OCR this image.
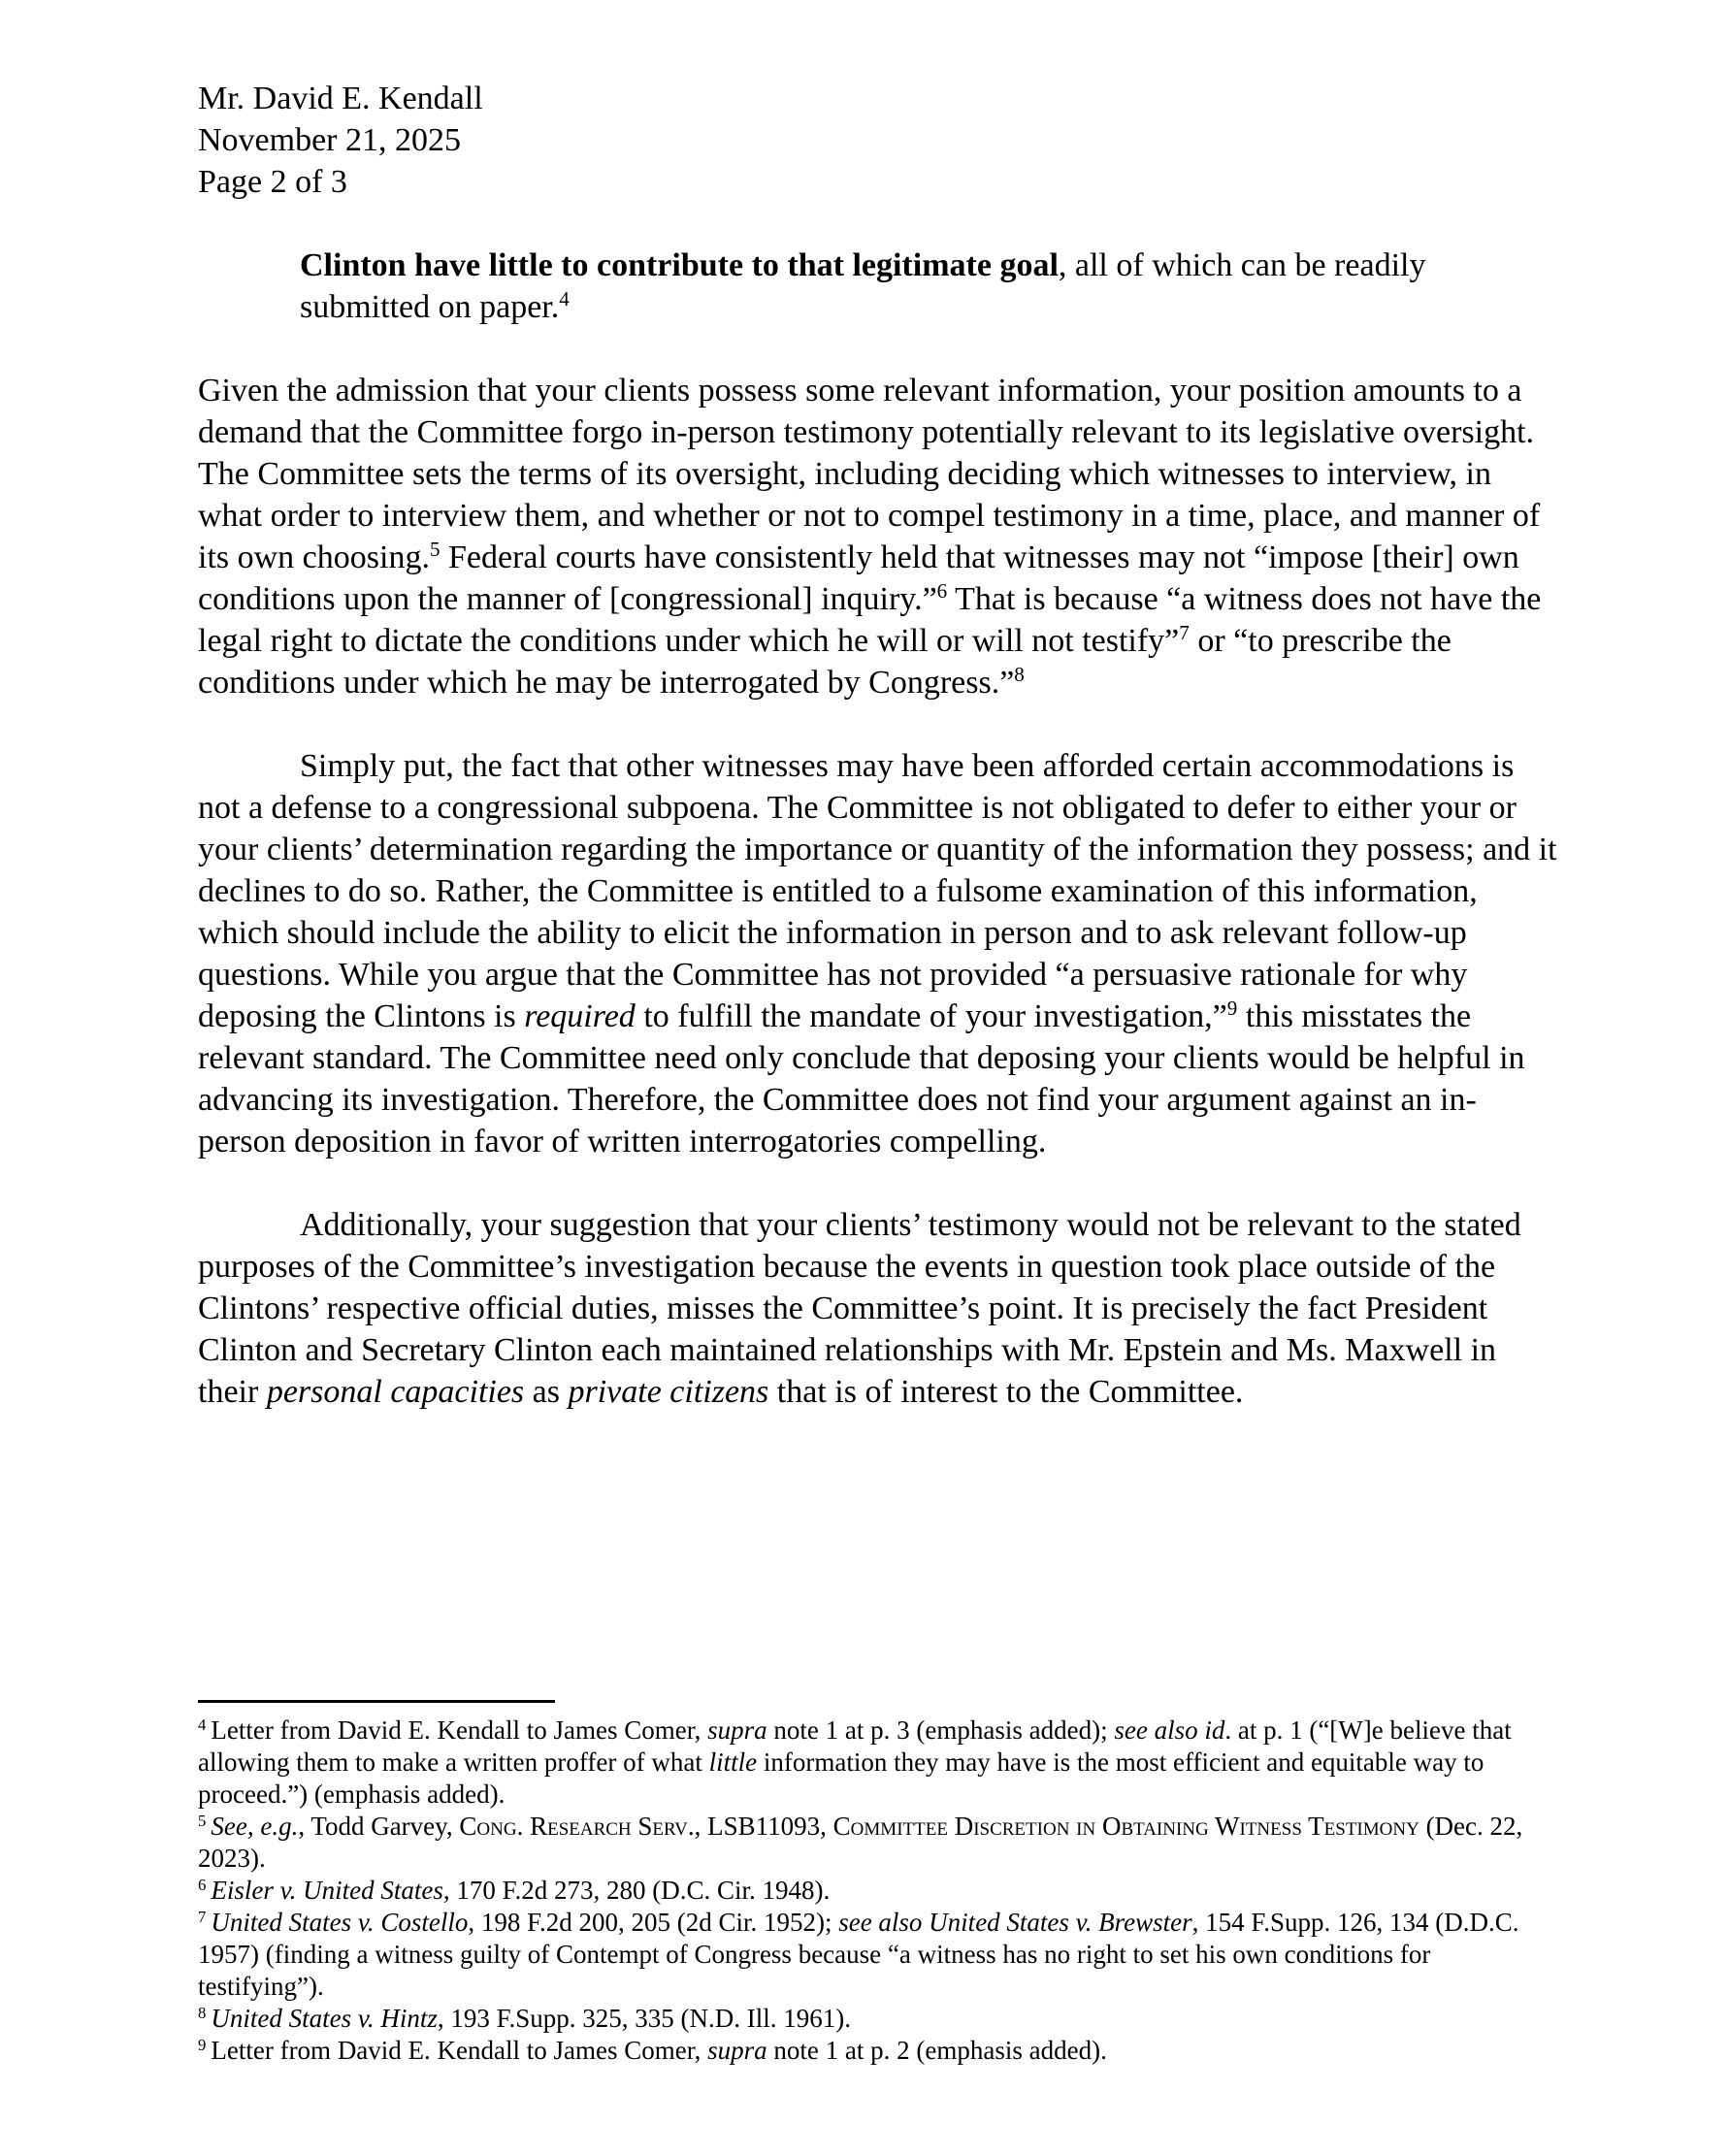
Mr. David E. Kendall
November 21, 2025
Page 2 of 3
Clinton have little to contribute to that legitimate goal, all of which can be readily submitted on paper.$^4$
Given the admission that your clients possess some relevant information, your position amounts to a demand that the Committee forgo in-person testimony potentially relevant to its legislative oversight. The Committee sets the terms of its oversight, including deciding which witnesses to interview, in what order to interview them, and whether or not to compel testimony in a time, place, and manner of its own choosing.$^5$ Federal courts have consistently held that witnesses may not “impose [their] own conditions upon the manner of [congressional] inquiry.”$^6$ That is because “a witness does not have the legal right to dictate the conditions under which he will or will not testify”$^7$ or “to prescribe the conditions under which he may be interrogated by Congress.”$^8$
Simply put, the fact that other witnesses may have been afforded certain accommodations is not a defense to a congressional subpoena. The Committee is not obligated to defer to either your or your clients’ determination regarding the importance or quantity of the information they possess; and it declines to do so. Rather, the Committee is entitled to a fulsome examination of this information, which should include the ability to elicit the information in person and to ask relevant follow-up questions. While you argue that the Committee has not provided “a persuasive rationale for why deposing the Clintons is required to fulfill the mandate of your investigation,”$^9$ this misstates the relevant standard. The Committee need only conclude that deposing your clients would be helpful in advancing its investigation. Therefore, the Committee does not find your argument against an in-person deposition in favor of written interrogatories compelling.
Additionally, your suggestion that your clients’ testimony would not be relevant to the stated purposes of the Committee’s investigation because the events in question took place outside of the Clintons’ respective official duties, misses the Committee’s point. It is precisely the fact President Clinton and Secretary Clinton each maintained relationships with Mr. Epstein and Ms. Maxwell in their personal capacities as private citizens that is of interest to the Committee.
$^4$ Letter from David E. Kendall to James Comer, supra note 1 at p. 3 (emphasis added); see also id. at p. 1 (“[W]e believe that allowing them to make a written proffer of what little information they may have is the most efficient and equitable way to proceed.”) (emphasis added).
$^5$ See, e.g., Todd Garvey, Cong. Research Serv., LSB11093, Committee Discretion in Obtaining Witness Testimony (Dec. 22, 2023).
$^6$ Eisler v. United States, 170 F.2d 273, 280 (D.C. Cir. 1948).
$^7$ United States v. Costello, 198 F.2d 200, 205 (2d Cir. 1952); see also United States v. Brewster, 154 F.Supp. 126, 134 (D.D.C. 1957) (finding a witness guilty of Contempt of Congress because “a witness has no right to set his own conditions for testifying”).
$^8$ United States v. Hintz, 193 F.Supp. 325, 335 (N.D. Ill. 1961).
$^9$ Letter from David E. Kendall to James Comer, supra note 1 at p. 2 (emphasis added).
